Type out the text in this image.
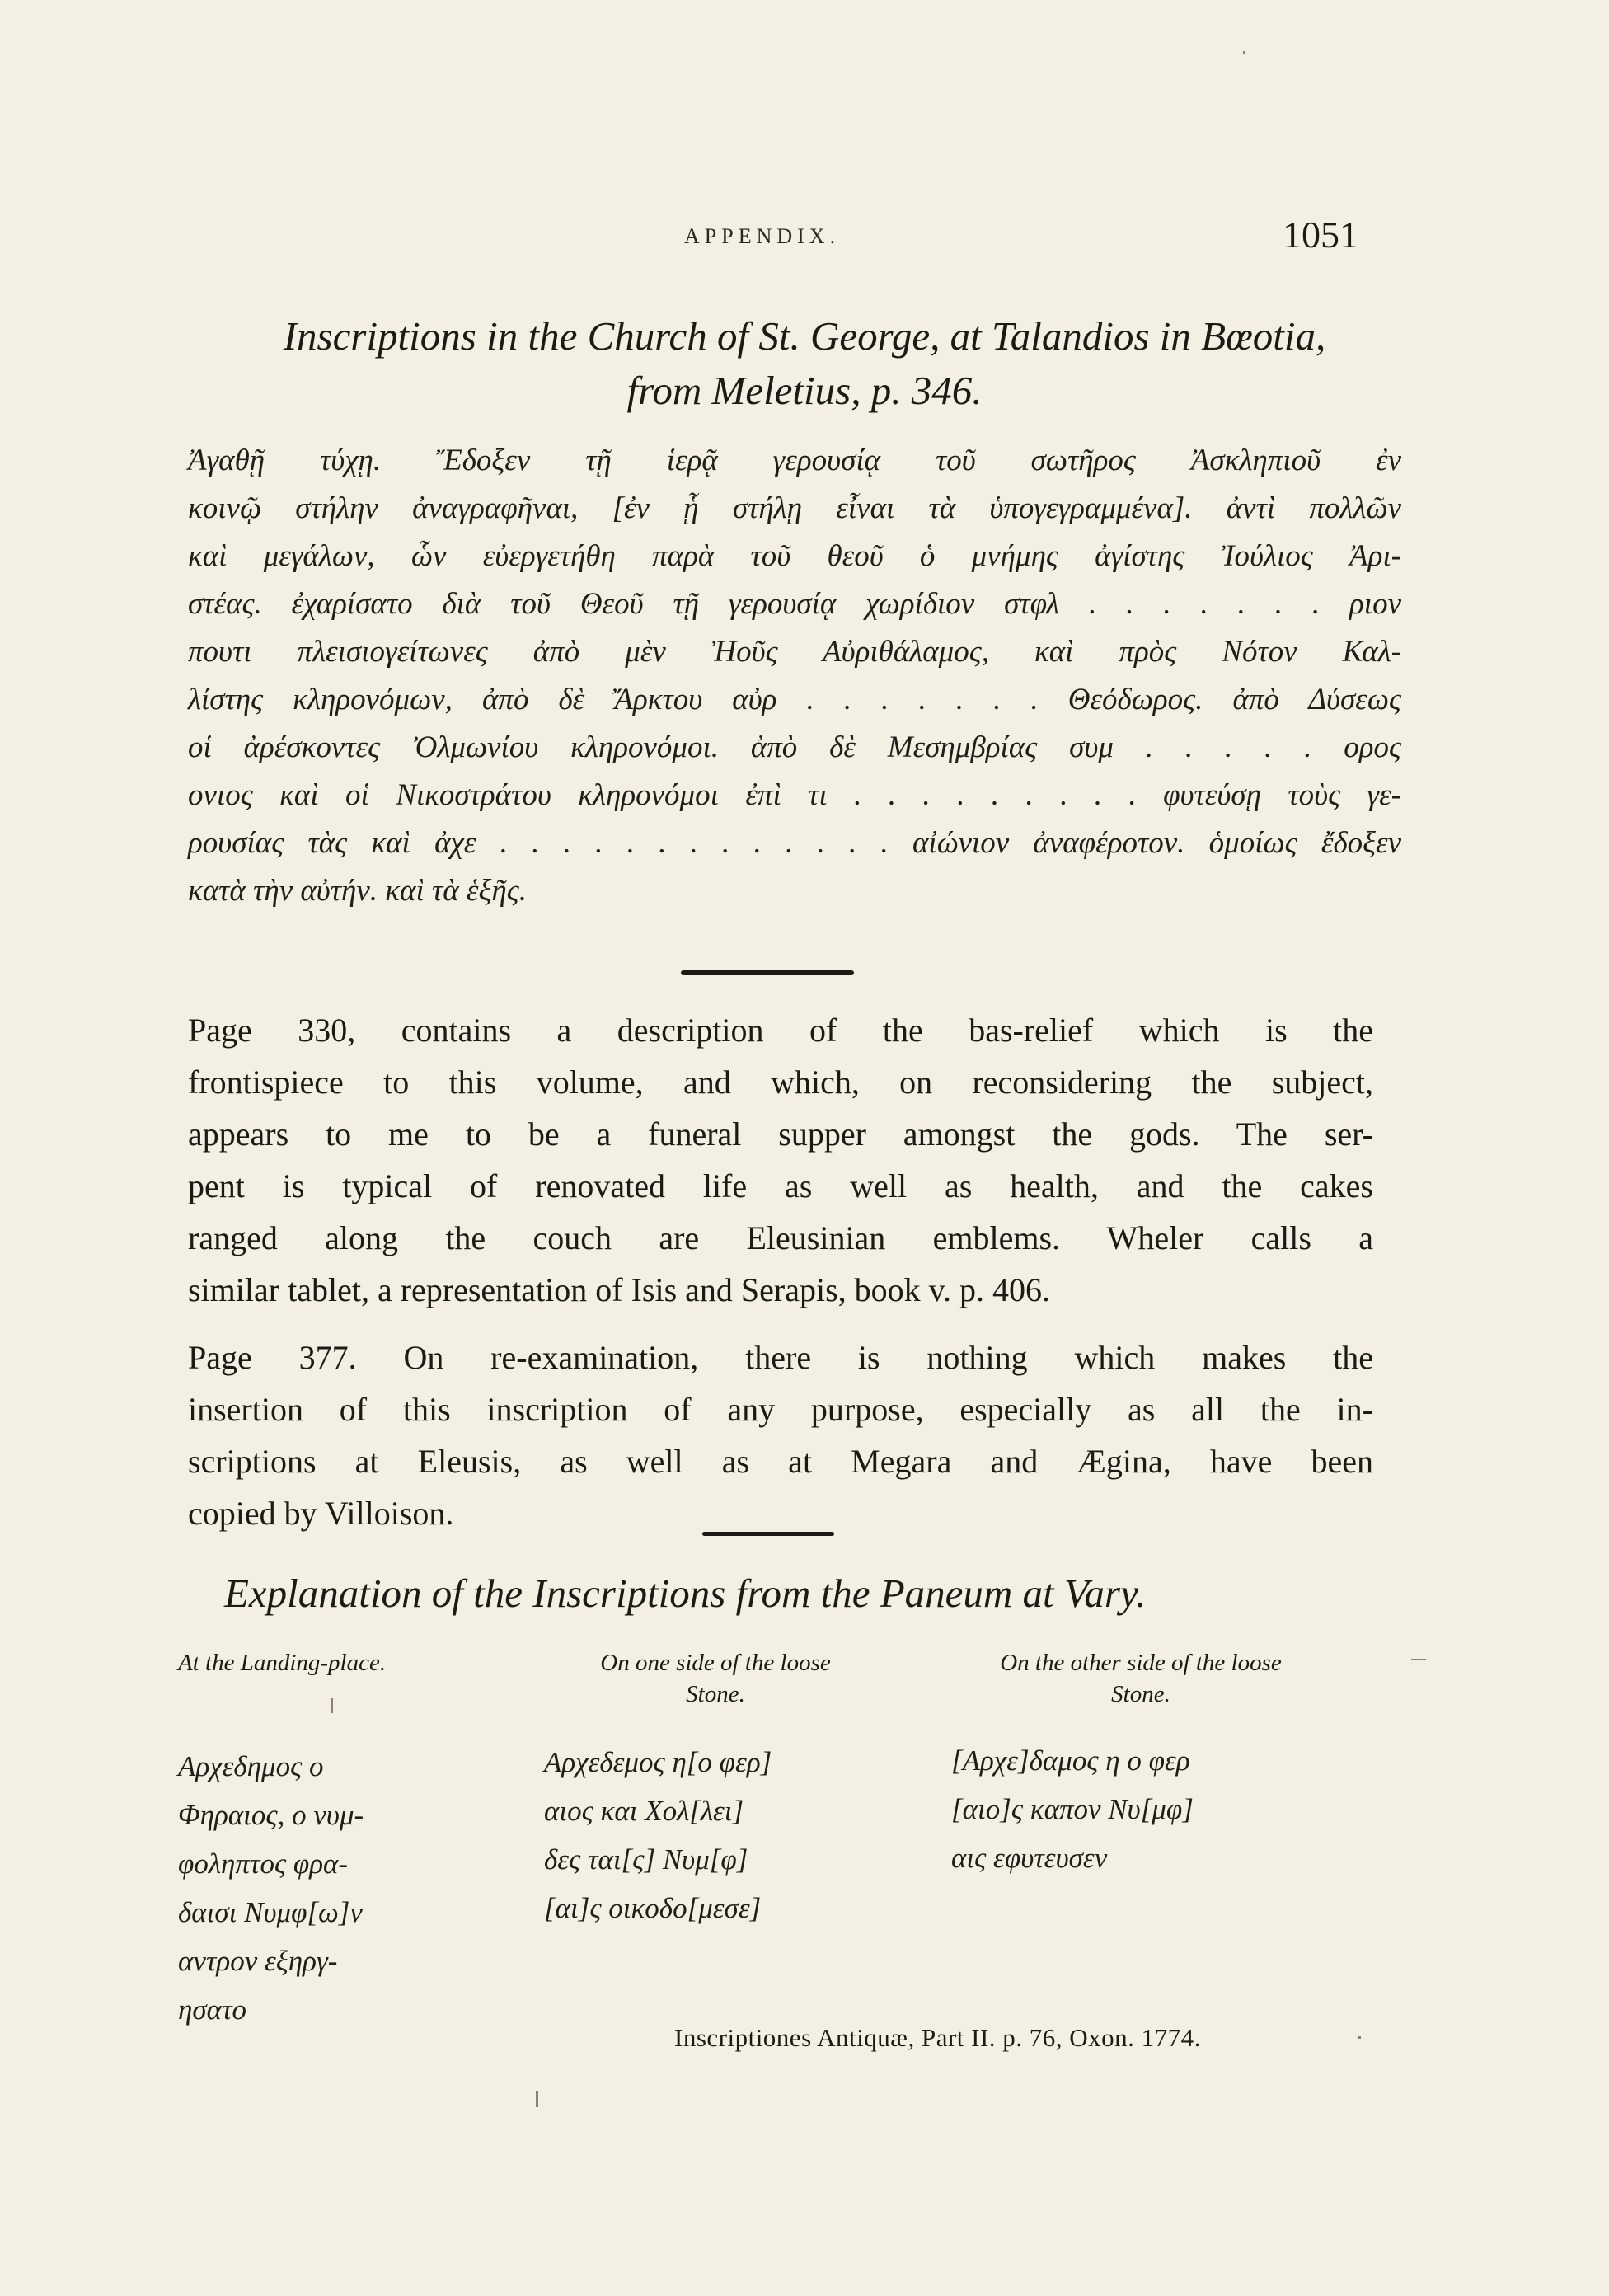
APPENDIX.	1051
Inscriptions in the Church of St. George, at Talandios in Bœotia,
from Meletius, p. 346.
Ἀγαθῇ τύχῃ. Ἔδοξεν τῇ ἱερᾷ γερουσίᾳ τοῦ σωτῆρος Ἀσκληπιοῦ ἐν
κοινῷ στήλην ἀναγραφῆναι, [ἐν ᾗ στήλῃ εἶναι τὰ ὑπογεγραμμένα]. ἀντὶ πολλῶν
καὶ μεγάλων, ὧν εὐεργετήθη παρὰ τοῦ θεοῦ ὁ μνήμης ἀγίστης Ἰούλιος Ἀρι-
στέας. ἐχαρίσατο διὰ τοῦ Θεοῦ τῇ γερουσίᾳ χωρίδιον στφλ . . . . . . . ριον
πουτι πλεισιογείτωνες ἀπὸ μὲν Ἠοῦς Αὐριθάλαμος, καὶ πρὸς Νότον Καλ-
λίστης κληρονόμων, ἀπὸ δὲ Ἄρκτου αὐρ . . . . . . . Θεόδωρος. ἀπὸ Δύσεως
οἱ ἀρέσκοντες Ὀλμωνίου κληρονόμοι. ἀπὸ δὲ Μεσημβρίας συμ . . . . . ορος
ονιος καὶ οἱ Νικοστράτου κληρονόμοι ἐπὶ τι . . . . . . . . . φυτεύσῃ τοὺς γε-
ρουσίας τὰς καὶ ἀχε . . . . . . . . . . . . . αἰώνιον ἀναφέροτον. ὁμοίως ἔδοξεν
κατὰ τὴν αὐτήν. καὶ τὰ ἑξῆς.
Page 330, contains a description of the bas-relief which is the
frontispiece to this volume, and which, on reconsidering the subject,
appears to me to be a funeral supper amongst the gods. The ser-
pent is typical of renovated life as well as health, and the cakes
ranged along the couch are Eleusinian emblems. Wheler calls a
similar tablet, a representation of Isis and Serapis, book v. p. 406.
Page 377. On re-examination, there is nothing which makes the
insertion of this inscription of any purpose, especially as all the in-
scriptions at Eleusis, as well as at Megara and Ægina, have been
copied by Villoison.
Explanation of the Inscriptions from the Paneum at Vary.
At the Landing-place.	On one side of the loose
Stone.
On the other side of the loose
Stone.
Αρχεδημος ο
Φηραιος, ο νυμ-
φοληπτος φρα-
δαισι Νυμφ[ω]ν
αντρον εξηργ-
ησατο
Αρχεδεμος η[ο φερ]
αιος και Χολ[λει]
δες ται[ς] Νυμ[φ]
[αι]ς οικοδο[μεσε]
[Αρχε]δαμος η ο φερ
[αιο]ς καπον Νυ[μφ]
αις εφυτευσεν
Inscriptiones Antiquæ, Part II. p. 76, Oxon. 1774.
